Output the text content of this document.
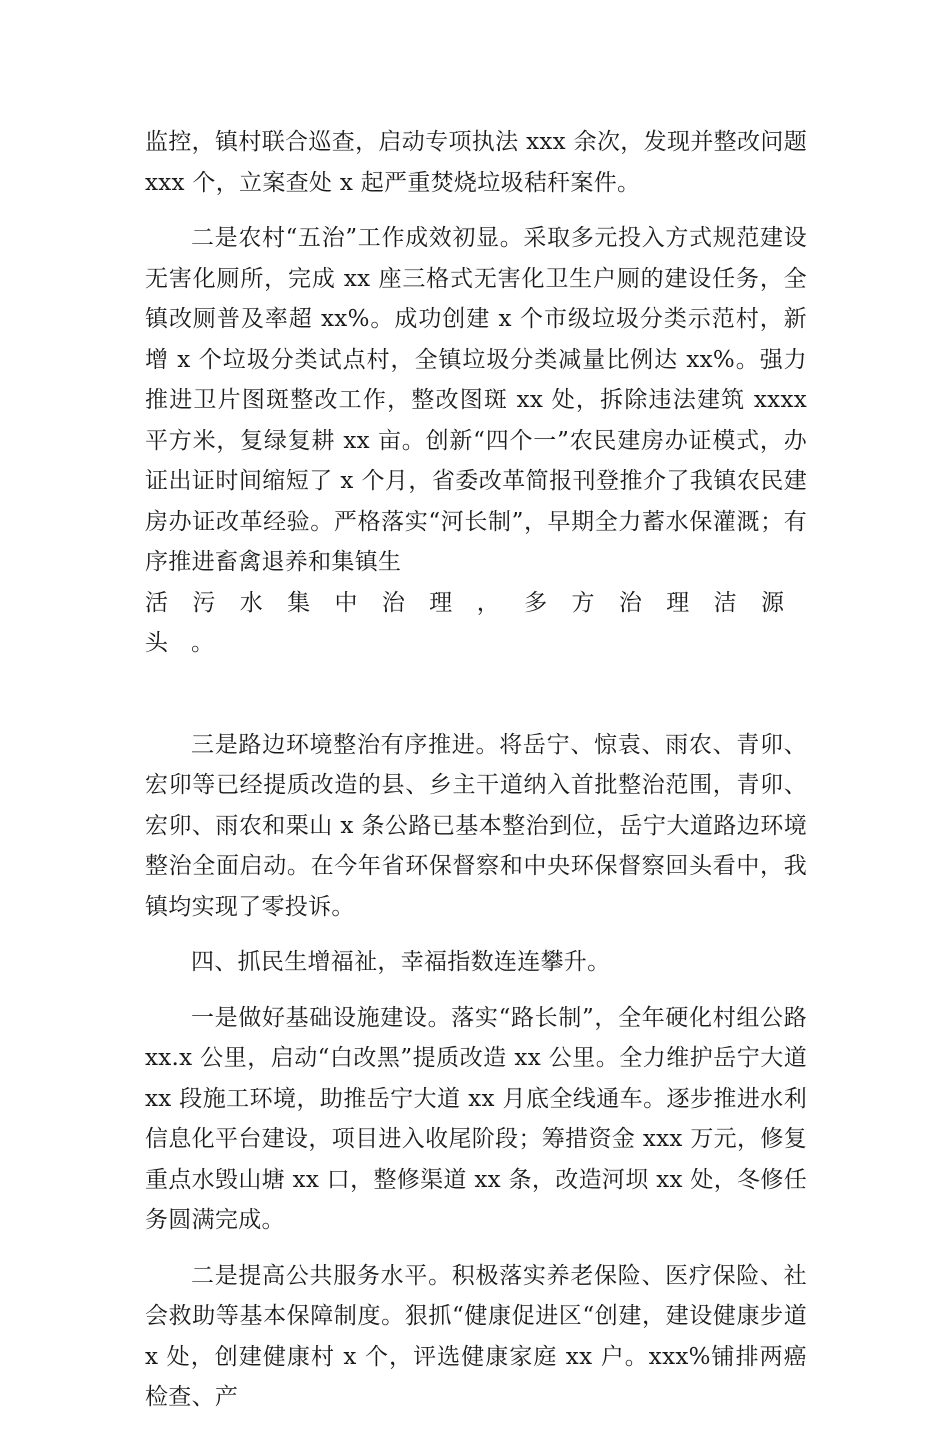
监控，镇村联合巡查，启动专项执法 xxx 余次，发现并整改问题 xxx 个，立案查处 x 起严重焚烧垃圾秸秆案件。

二是农村“五治”工作成效初显。采取多元投入方式规范建设无害化厕所，完成 xx 座三格式无害化卫生户厕的建设任务，全镇改厕普及率超 xx%。成功创建 x 个市级垃圾分类示范村，新增 x 个垃圾分类试点村，全镇垃圾分类减量比例达 xx%。强力推进卫片图斑整改工作，整改图斑 xx 处，拆除违法建筑 xxxx 平方米，复绿复耕 xx 亩。创新“四个一”农民建房办证模式，办证出证时间缩短了 x 个月，省委改革简报刊登推介了我镇农民建房办证改革经验。严格落实“河长制”，早期全力蓄水保灌溉；有序推进畜禽退养和集镇生

活污水集中治理，多方治理洁源头。

三是路边环境整治有序推进。将岳宁、惊袁、雨农、青卯、宏卯等已经提质改造的县、乡主干道纳入首批整治范围，青卯、宏卯、雨农和栗山 x 条公路已基本整治到位，岳宁大道路边环境整治全面启动。在今年省环保督察和中央环保督察回头看中，我镇均实现了零投诉。

四、抓民生增福祉，幸福指数连连攀升。

一是做好基础设施建设。落实“路长制”，全年硬化村组公路 xx.x 公里，启动“白改黑”提质改造 xx 公里。全力维护岳宁大道 xx 段施工环境，助推岳宁大道 xx 月底全线通车。逐步推进水利信息化平台建设，项目进入收尾阶段；筹措资金 xxx 万元，修复重点水毁山塘 xx 口，整修渠道 xx 条，改造河坝 xx 处，冬修任务圆满完成。

二是提高公共服务水平。积极落实养老保险、医疗保险、社会救助等基本保障制度。狠抓“健康促进区“创建，建设健康步道 x 处，创建健康村 x 个，评选健康家庭 xx 户。xxx%铺排两癌检查、产
